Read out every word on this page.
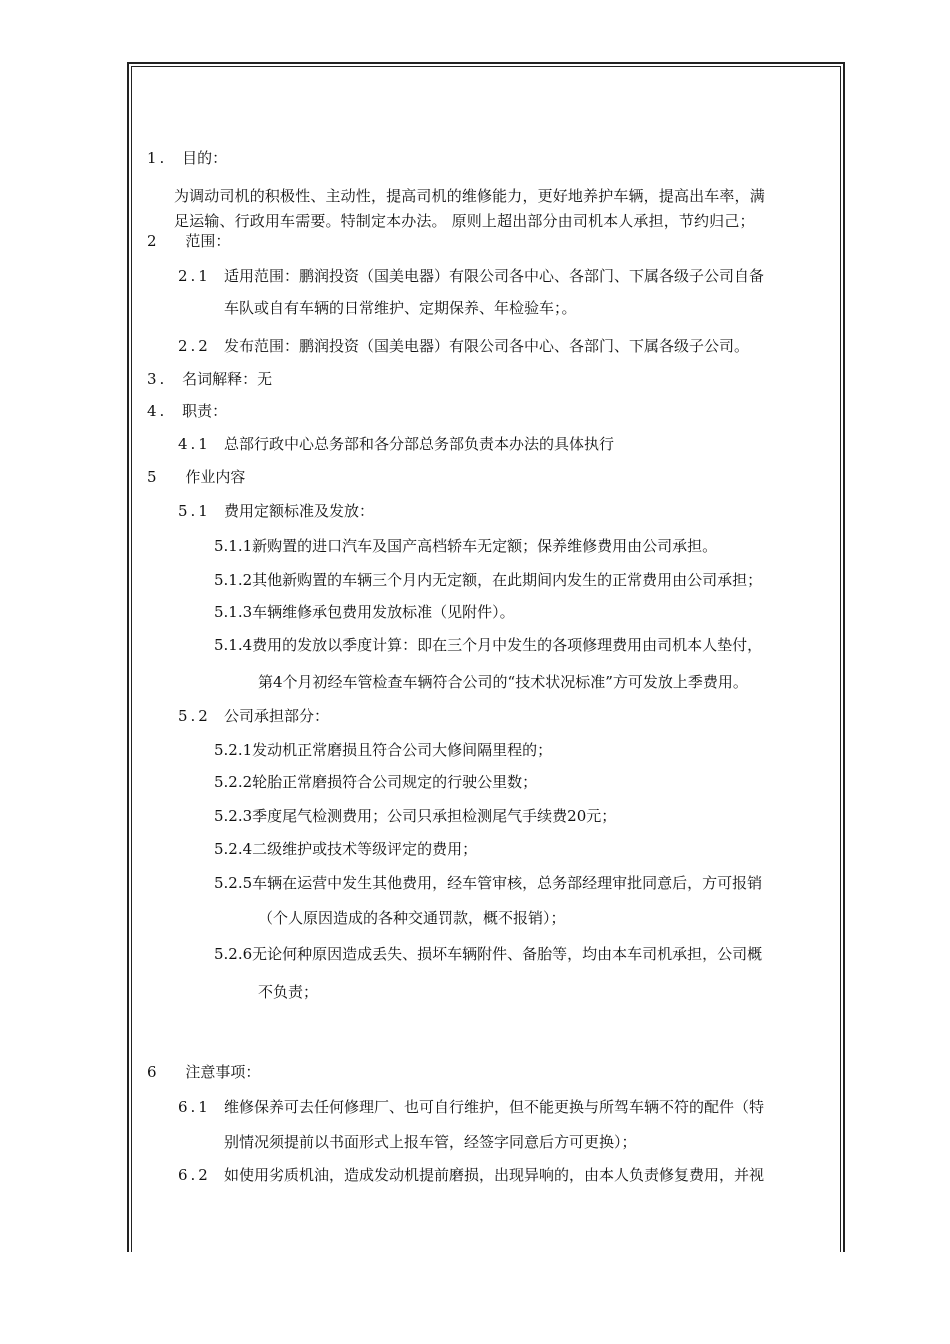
1. 目的：
为调动司机的积极性、主动性，提高司机的维修能力，更好地养护车辆，提高出车率，满
足运输、行政用车需要。特制定本办法。 原则上超出部分由司机本人承担，节约归己；
2 范围：
2.1 适用范围：鹏润投资（国美电器）有限公司各中心、各部门、下属各级子公司自备
车队或自有车辆的日常维护、定期保养、年检验车；。
2.2 发布范围：鹏润投资（国美电器）有限公司各中心、各部门、下属各级子公司。
3. 名词解释：无
4. 职责：
4.1 总部行政中心总务部和各分部总务部负责本办法的具体执行
5 作业内容
5.1 费用定额标准及发放：
5.1.1新购置的进口汽车及国产高档轿车无定额；保养维修费用由公司承担。
5.1.2其他新购置的车辆三个月内无定额，在此期间内发生的正常费用由公司承担；
5.1.3车辆维修承包费用发放标准（见附件）。
5.1.4费用的发放以季度计算：即在三个月中发生的各项修理费用由司机本人垫付，
第4个月初经车管检查车辆符合公司的“技术状况标准”方可发放上季费用。
5.2 公司承担部分：
5.2.1发动机正常磨损且符合公司大修间隔里程的；
5.2.2轮胎正常磨损符合公司规定的行驶公里数；
5.2.3季度尾气检测费用；公司只承担检测尾气手续费20元；
5.2.4二级维护或技术等级评定的费用；
5.2.5车辆在运营中发生其他费用，经车管审核，总务部经理审批同意后，方可报销
（个人原因造成的各种交通罚款，概不报销）；
5.2.6无论何种原因造成丢失、损坏车辆附件、备胎等，均由本车司机承担，公司概
不负责；
6 注意事项：
6.1 维修保养可去任何修理厂、也可自行维护，但不能更换与所驾车辆不符的配件（特
别情况须提前以书面形式上报车管，经签字同意后方可更换）；
6.2 如使用劣质机油，造成发动机提前磨损，出现异响的，由本人负责修复费用，并视
